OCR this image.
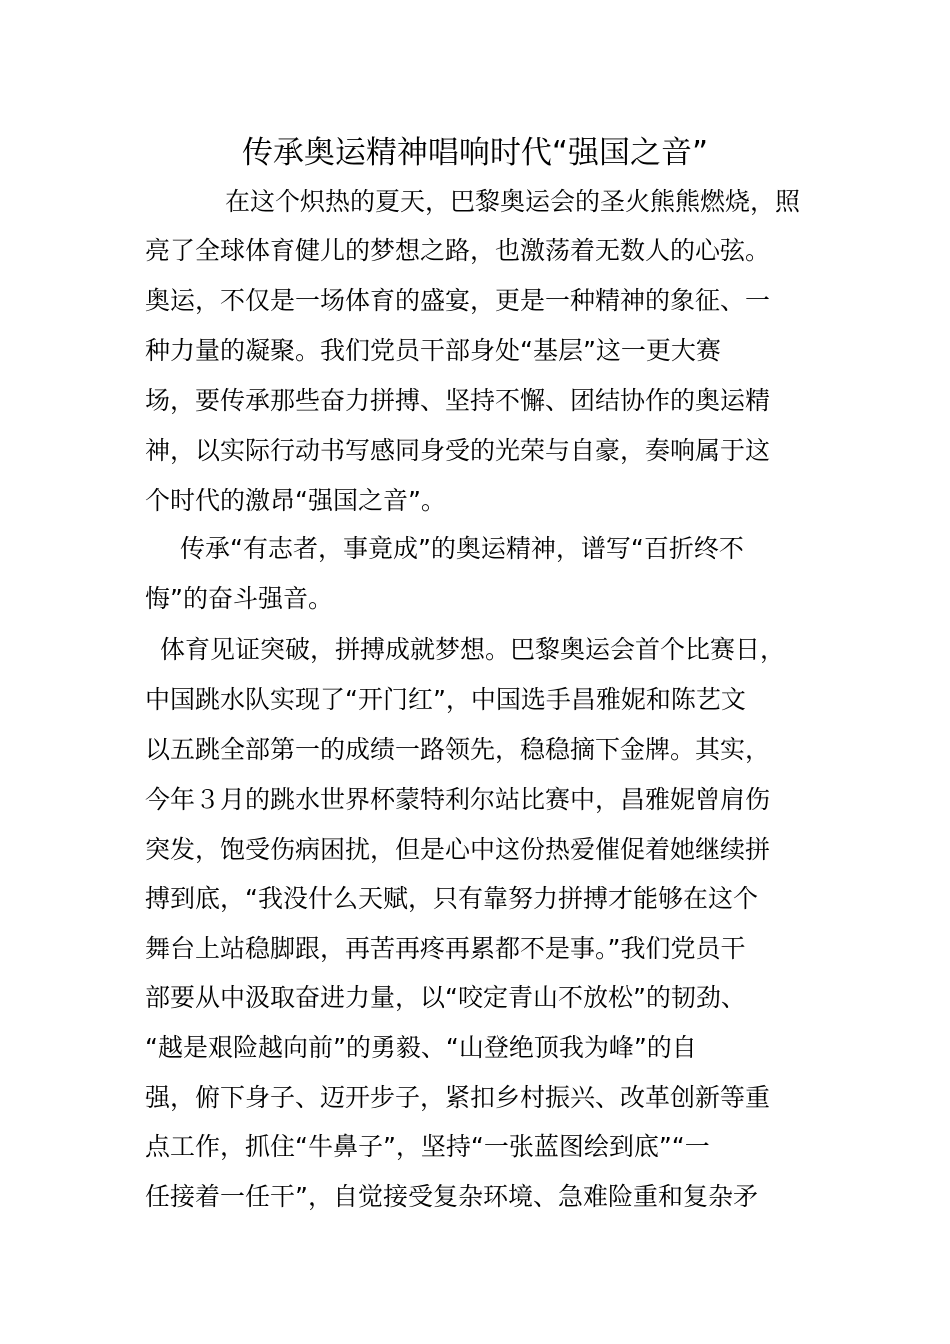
传承奥运精神唱响时代“强国之音”
　在这个炽热的夏天，巴黎奥运会的圣火熊熊燃烧，照
亮了全球体育健儿的梦想之路，也激荡着无数人的心弦。
奥运，不仅是一场体育的盛宴，更是一种精神的象征、一
种力量的凝聚。我们党员干部身处“基层”这一更大赛
场，要传承那些奋力拼搏、坚持不懈、团结协作的奥运精
神，以实际行动书写感同身受的光荣与自豪，奏响属于这
个时代的激昂“强国之音”。
　传承“有志者，事竟成”的奥运精神，谱写“百折终不
悔”的奋斗强音。
体育见证突破，拼搏成就梦想。巴黎奥运会首个比赛日，
中国跳水队实现了“开门红”，中国选手昌雅妮和陈艺文
以五跳全部第一的成绩一路领先，稳稳摘下金牌。其实，
今年３月的跳水世界杯蒙特利尔站比赛中，昌雅妮曾肩伤
突发，饱受伤病困扰，但是心中这份热爱催促着她继续拼
搏到底，“我没什么天赋，只有靠努力拼搏才能够在这个
舞台上站稳脚跟，再苦再疼再累都不是事。”我们党员干
部要从中汲取奋进力量，以“咬定青山不放松”的韧劲、
“越是艰险越向前”的勇毅、“山登绝顶我为峰”的自
强，俯下身子、迈开步子，紧扣乡村振兴、改革创新等重
点工作，抓住“牛鼻子”，坚持“一张蓝图绘到底”“一
任接着一任干”，自觉接受复杂环境、急难险重和复杂矛
